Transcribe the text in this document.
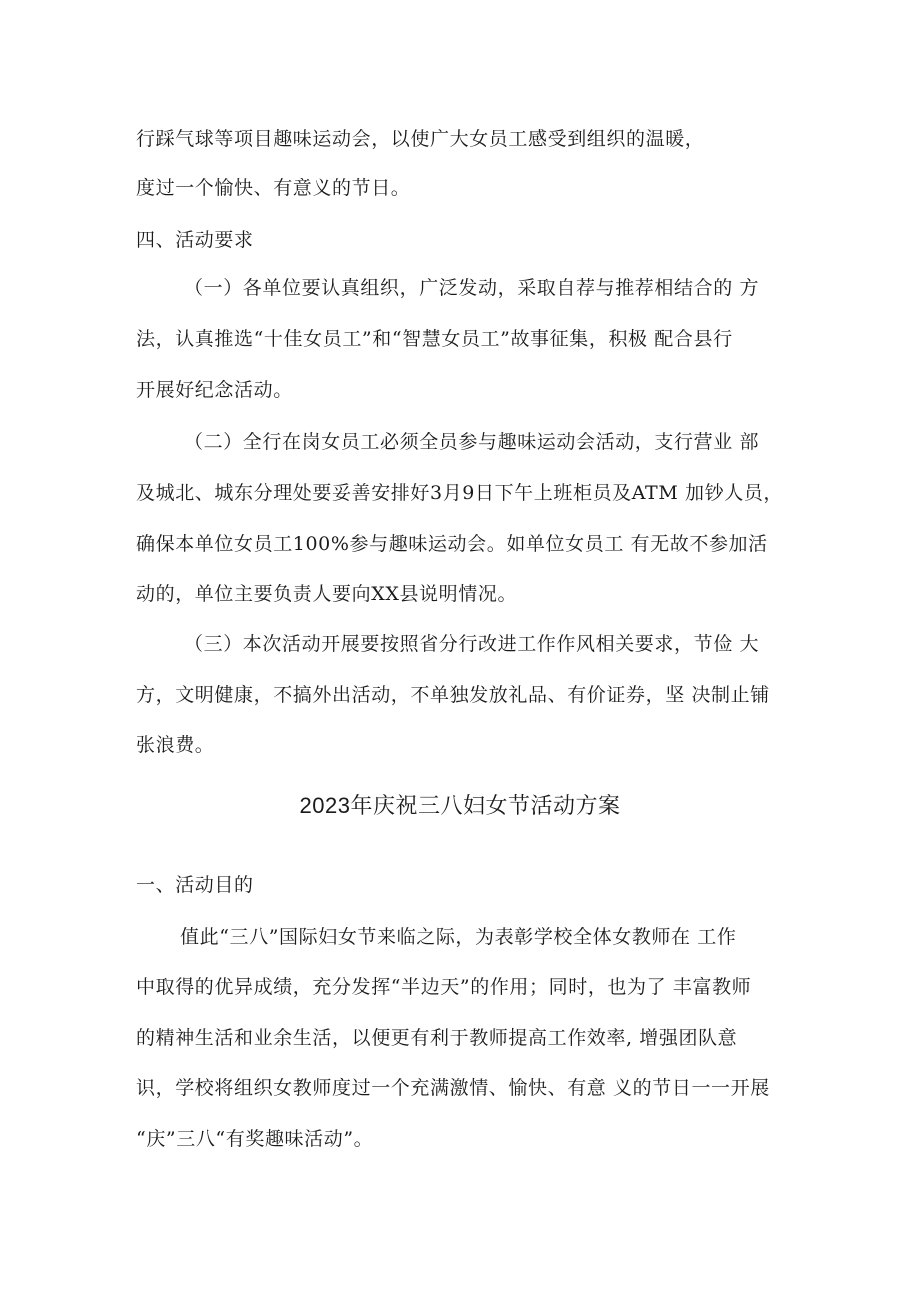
行踩气球等项目趣味运动会，以使广大女员工感受到组织的温暖，
度过一个愉快、有意义的节日。
四、活动要求
（一）各单位要认真组织，广泛发动，采取自荐与推荐相结合的 方
法，认真推选“十佳女员工”和“智慧女员工”故事征集，积极 配合县行
开展好纪念活动。
（二）全行在岗女员工必须全员参与趣味运动会活动，支行营业 部
及城北、城东分理处要妥善安排好3月9日下午上班柜员及ATM 加钞人员，
确保本单位女员工100%参与趣味运动会。如单位女员工 有无故不参加活
动的，单位主要负责人要向XX县说明情况。
（三）本次活动开展要按照省分行改进工作作风相关要求，节俭 大
方，文明健康，不搞外出活动，不单独发放礼品、有价证券，坚 决制止铺
张浪费。
2023年庆祝三八妇女节活动方案
一、活动目的
值此“三八”国际妇女节来临之际，为表彰学校全体女教师在 工作
中取得的优异成绩，充分发挥“半边天”的作用；同时，也为了 丰富教师
的精神生活和业余生活，以便更有利于教师提高工作效率, 增强团队意
识，学校将组织女教师度过一个充满激情、愉快、有意 义的节日一一开展
“庆”三八“有奖趣味活动”。
